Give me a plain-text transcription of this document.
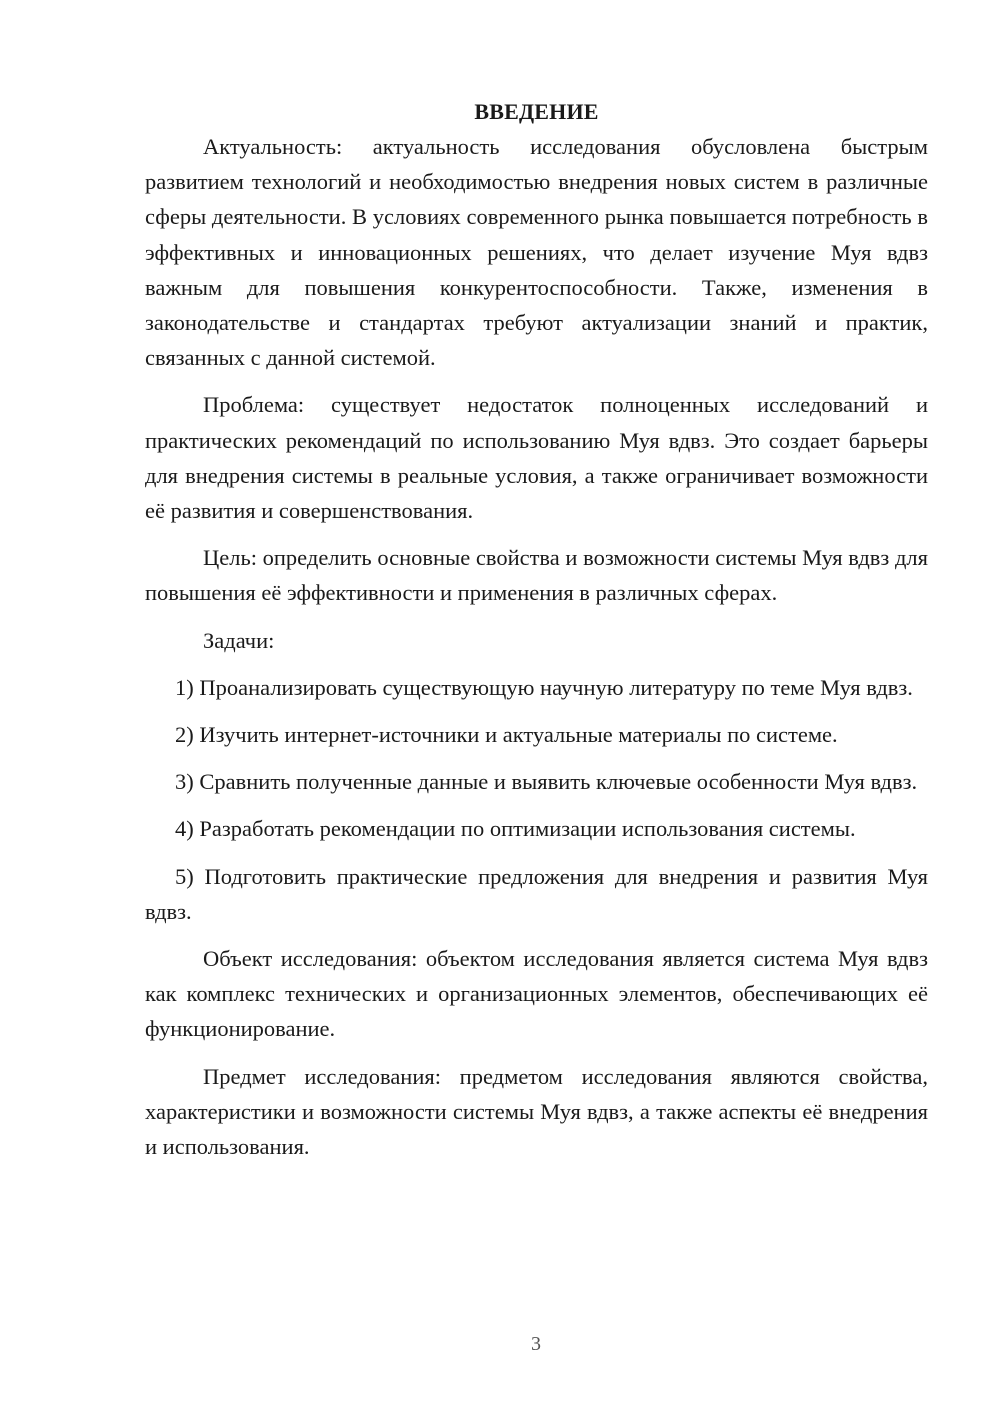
ВВЕДЕНИЕ

Актуальность: актуальность исследования обусловлена быстрым развитием технологий и необходимостью внедрения новых систем в различные сферы деятельности. В условиях современного рынка повышается потребность в эффективных и инновационных решениях, что делает изучение Муя вдвз важным для повышения конкурентоспособности. Также, изменения в законодательстве и стандартах требуют актуализации знаний и практик, связанных с данной системой.

Проблема: существует недостаток полноценных исследований и практических рекомендаций по использованию Муя вдвз. Это создает барьеры для внедрения системы в реальные условия, а также ограничивает возможности её развития и совершенствования.

Цель: определить основные свойства и возможности системы Муя вдвз для повышения её эффективности и применения в различных сферах.

Задачи:

1) Проанализировать существующую научную литературу по теме Муя вдвз.

2) Изучить интернет-источники и актуальные материалы по системе.

3) Сравнить полученные данные и выявить ключевые особенности Муя вдвз.

4) Разработать рекомендации по оптимизации использования системы.

5) Подготовить практические предложения для внедрения и развития Муя вдвз.

Объект исследования: объектом исследования является система Муя вдвз как комплекс технических и организационных элементов, обеспечивающих её функционирование.

Предмет исследования: предметом исследования являются свойства, характеристики и возможности системы Муя вдвз, а также аспекты её внедрения и использования.

3
